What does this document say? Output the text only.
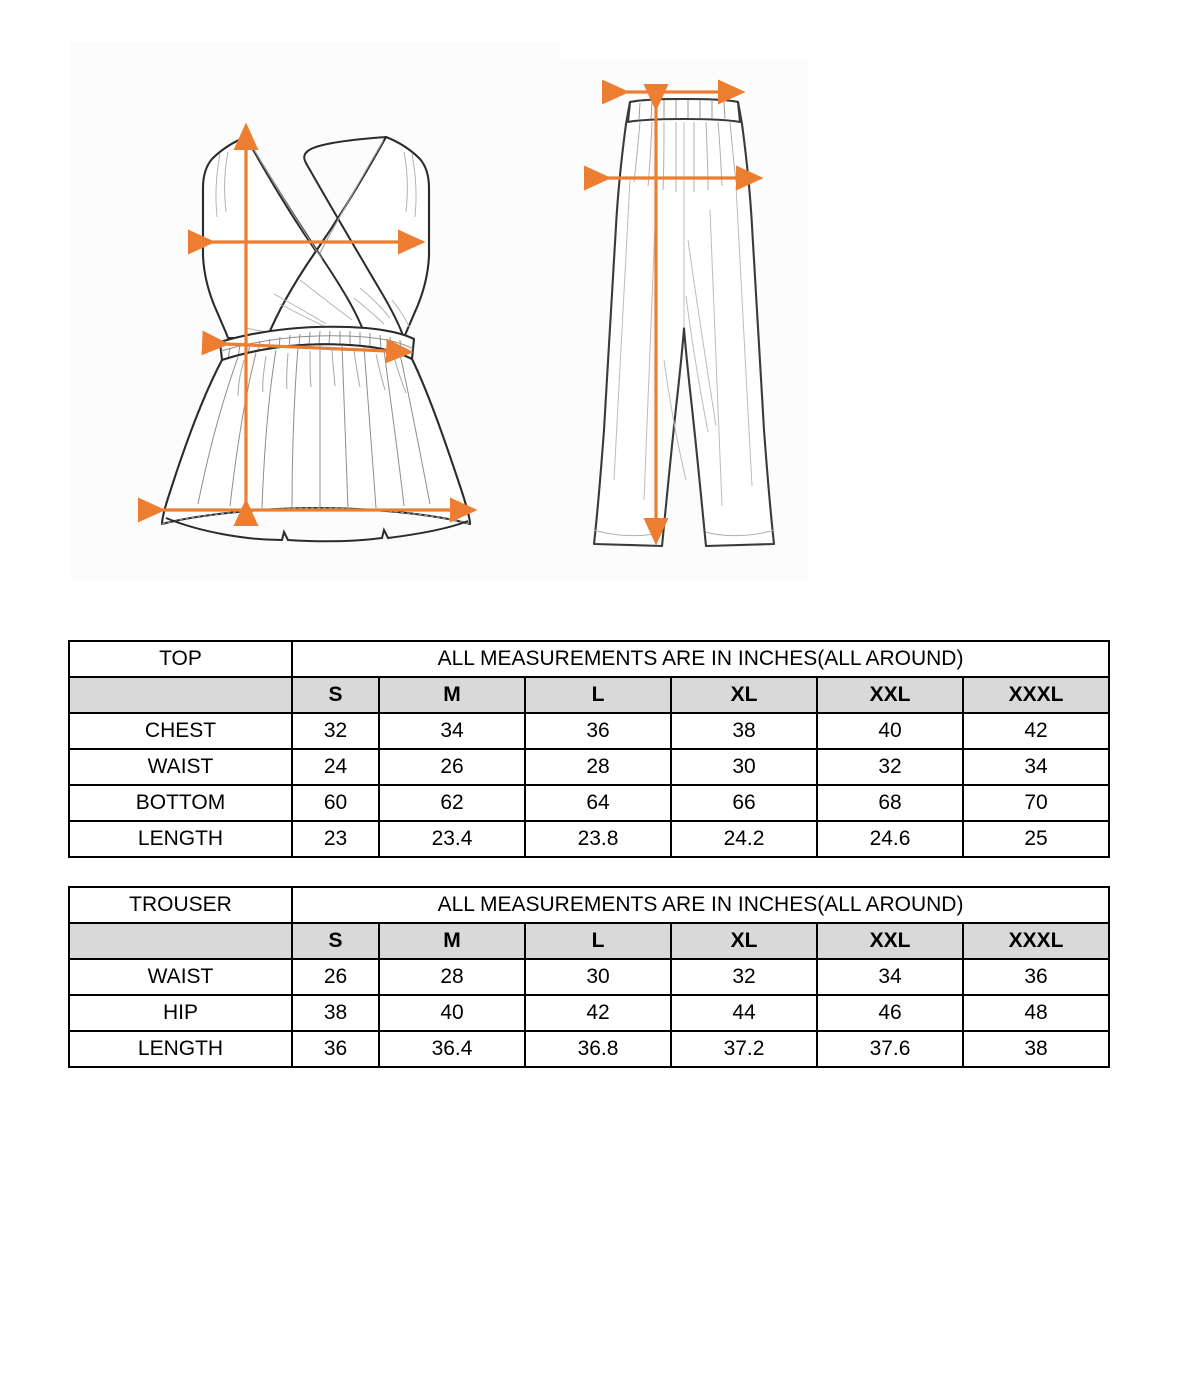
TOP	ALL MEASUREMENTS ARE IN INCHES(ALL AROUND)					
	S	M	L	XL	XXL	XXXL
CHEST	32	34	36	38	40	42
WAIST	24	26	28	30	32	34
BOTTOM	60	62	64	66	68	70
LENGTH	23	23.4	23.8	24.2	24.6	25
TROUSER	ALL MEASUREMENTS ARE IN INCHES(ALL AROUND)					
	S	M	L	XL	XXL	XXXL
WAIST	26	28	30	32	34	36
HIP	38	40	42	44	46	48
LENGTH	36	36.4	36.8	37.2	37.6	38
